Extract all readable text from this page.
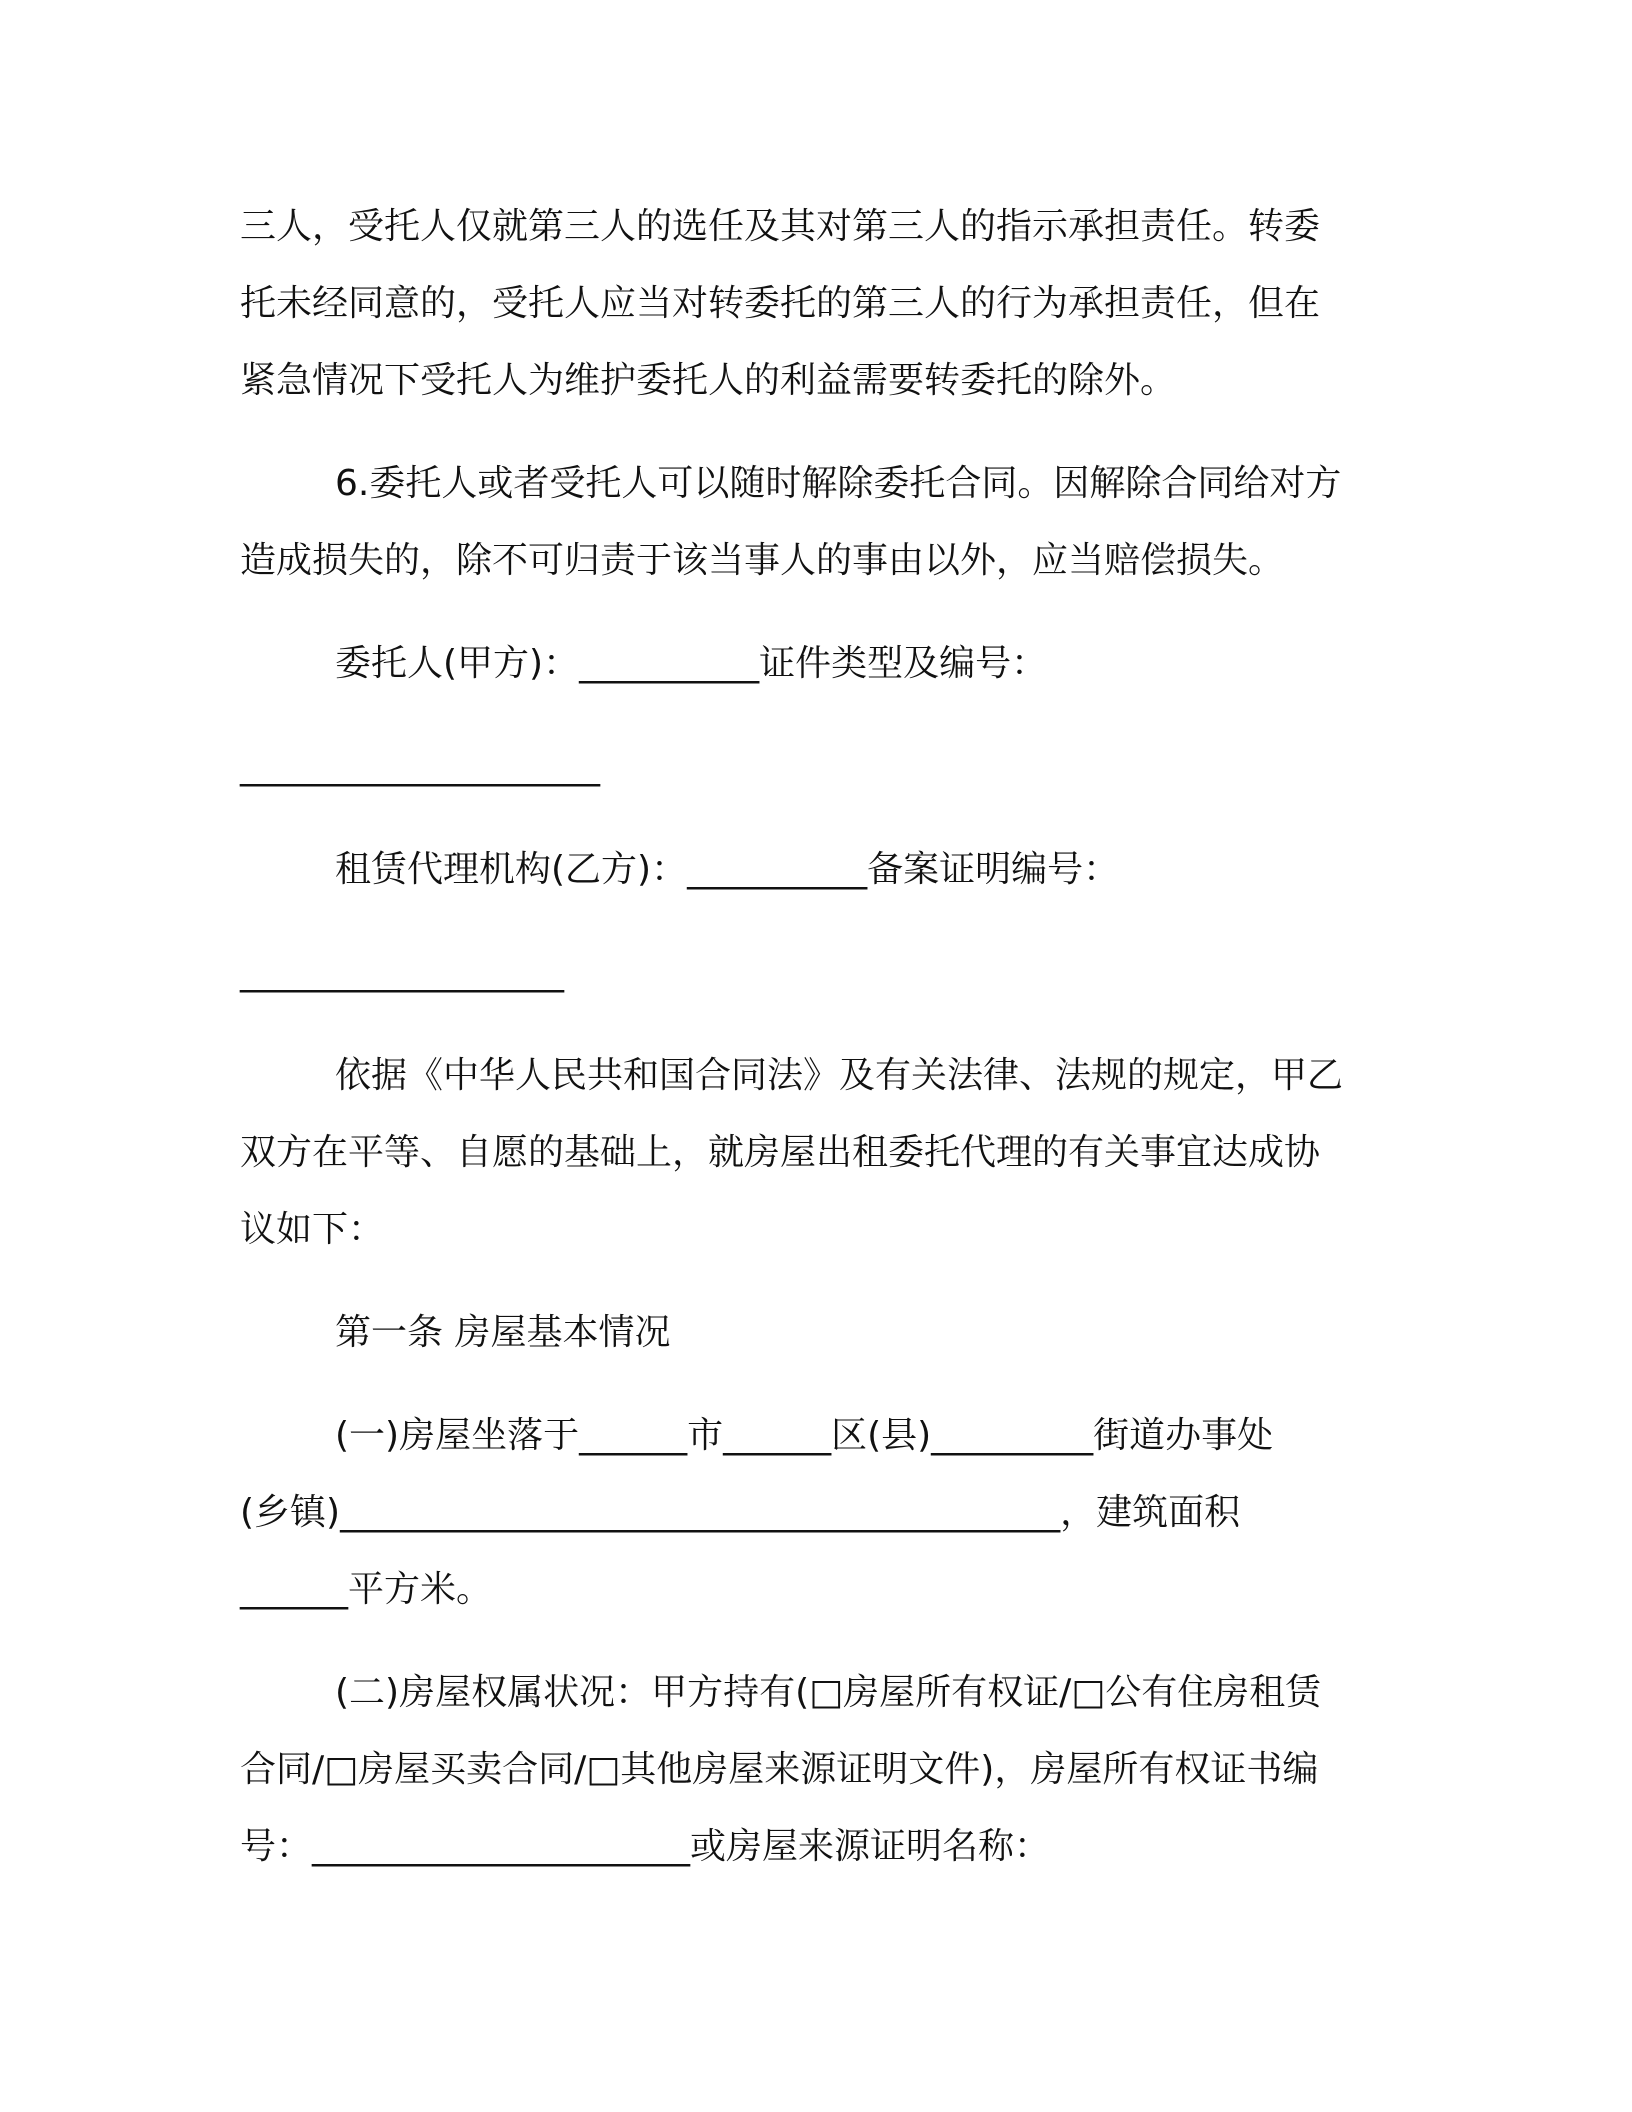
三人，受托人仅就第三人的选任及其对第三人的指示承担责任。转委
托未经同意的，受托人应当对转委托的第三人的行为承担责任，但在
紧急情况下受托人为维护委托人的利益需要转委托的除外。
6.委托人或者受托人可以随时解除委托合同。因解除合同给对方
造成损失的，除不可归责于该当事人的事由以外，应当赔偿损失。
委托人(甲方)：__________证件类型及编号：
____________________
租赁代理机构(乙方)：__________备案证明编号：
__________________
依据《中华人民共和国合同法》及有关法律、法规的规定，甲乙
双方在平等、自愿的基础上，就房屋出租委托代理的有关事宜达成协
议如下：
第一条 房屋基本情况
(一)房屋坐落于______市______区(县)_________街道办事处
(乡镇)________________________________________，建筑面积
______平方米。
(二)房屋权属状况：甲方持有(□房屋所有权证/□公有住房租赁
合同/□房屋买卖合同/□其他房屋来源证明文件)，房屋所有权证书编
号：_____________________或房屋来源证明名称：
